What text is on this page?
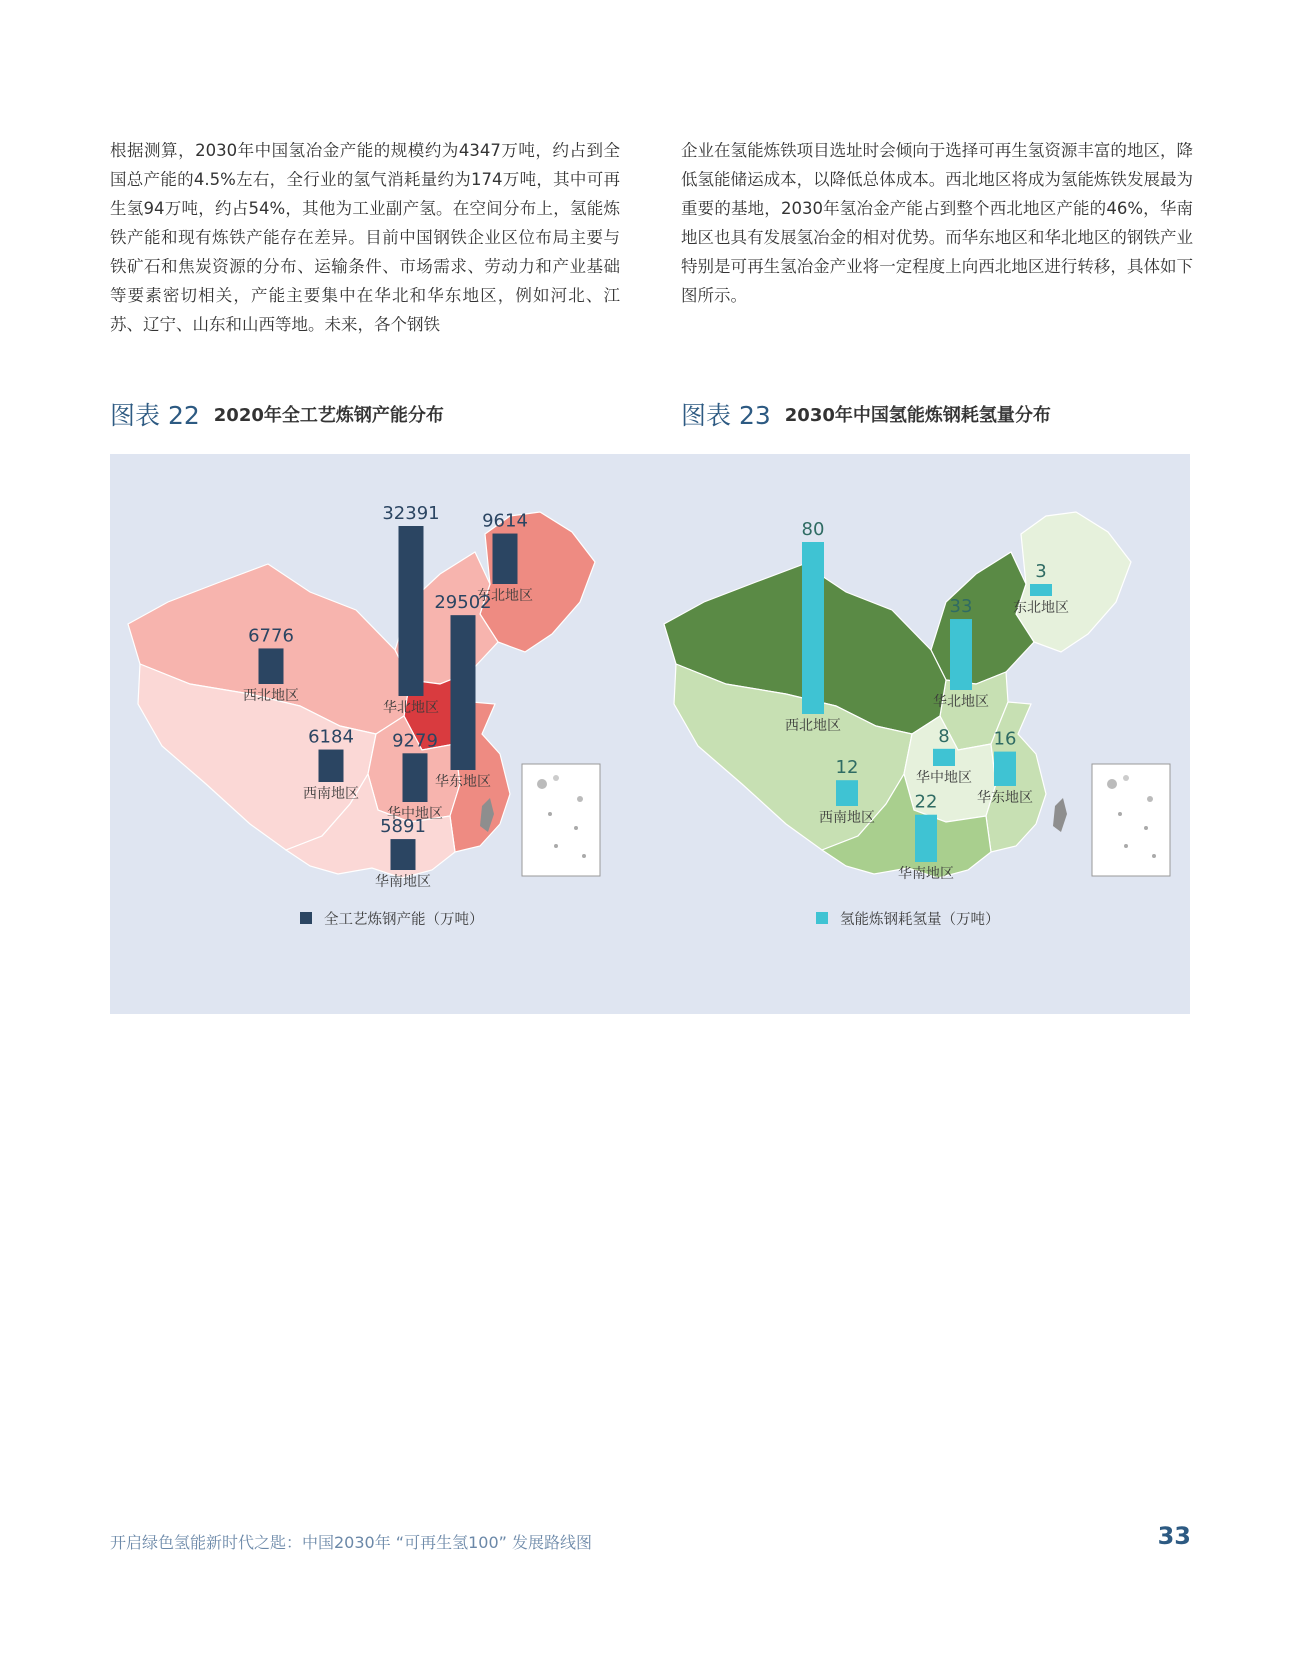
根据测算，2030年中国氢冶金产能的规模约为4347万吨，约占到全国总产能的4.5%左右，全行业的氢气消耗量约为174万吨，其中可再生氢94万吨，约占54%，其他为工业副产氢。在空间分布上，氢能炼铁产能和现有炼铁产能存在差异。目前中国钢铁企业区位布局主要与铁矿石和焦炭资源的分布、运输条件、市场需求、劳动力和产业基础等要素密切相关，产能主要集中在华北和华东地区，例如河北、江苏、辽宁、山东和山西等地。未来，各个钢铁

企业在氢能炼铁项目选址时会倾向于选择可再生氢资源丰富的地区，降低氢能储运成本，以降低总体成本。西北地区将成为氢能炼铁发展最为重要的基地，2030年氢冶金产能占到整个西北地区产能的46%，华南地区也具有发展氢冶金的相对优势。而华东地区和华北地区的钢铁产业特别是可再生氢冶金产业将一定程度上向西北地区进行转移，具体如下图所示。

图表 22 2020年全工艺炼钢产能分布	图表 23 2030年中国氢能炼钢耗氢量分布
32391
华北地区
9614
东北地区
29502
华东地区
6776
西北地区
6184
西南地区
9279
华中地区
5891
华南地区
全工艺炼钢产能（万吨）
80
西北地区
3
东北地区
33
华北地区
8
华中地区
16
华东地区
12
西南地区
22
华南地区
氢能炼钢耗氢量（万吨）

开启绿色氢能新时代之匙：中国2030年 “可再生氢100” 发展路线图	33
